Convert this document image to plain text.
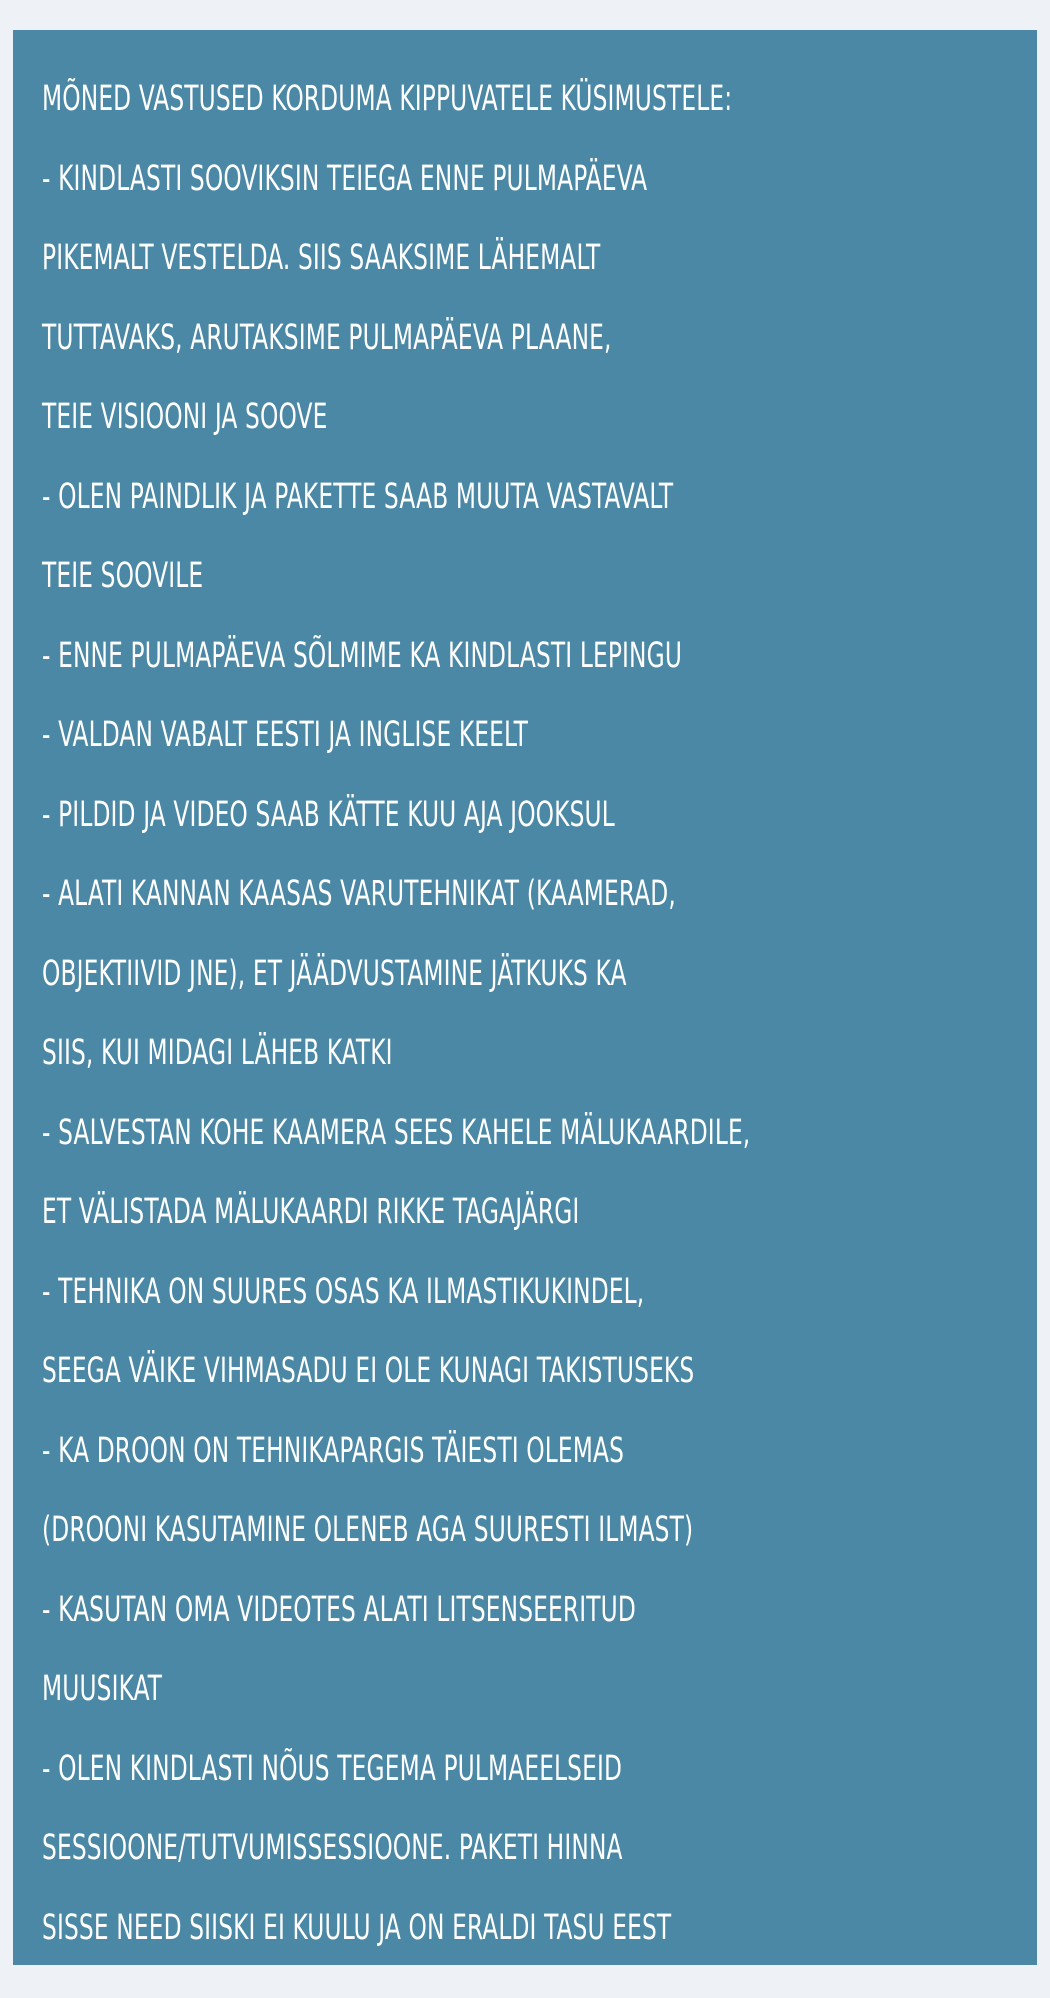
MÕNED VASTUSED KORDUMA KIPPUVATELE KÜSIMUSTELE:
- KINDLASTI SOOVIKSIN TEIEGA ENNE PULMAPÄEVA
PIKEMALT VESTELDA. SIIS SAAKSIME LÄHEMALT
TUTTAVAKS, ARUTAKSIME PULMAPÄEVA PLAANE,
TEIE VISIOONI JA SOOVE
- OLEN PAINDLIK JA PAKETTE SAAB MUUTA VASTAVALT
TEIE SOOVILE
- ENNE PULMAPÄEVA SÕLMIME KA KINDLASTI LEPINGU
- VALDAN VABALT EESTI JA INGLISE KEELT
- PILDID JA VIDEO SAAB KÄTTE KUU AJA JOOKSUL
- ALATI KANNAN KAASAS VARUTEHNIKAT (KAAMERAD,
OBJEKTIIVID JNE), ET JÄÄDVUSTAMINE JÄTKUKS KA
SIIS, KUI MIDAGI LÄHEB KATKI
- SALVESTAN KOHE KAAMERA SEES KAHELE MÄLUKAARDILE,
ET VÄLISTADA MÄLUKAARDI RIKKE TAGAJÄRGI
- TEHNIKA ON SUURES OSAS KA ILMASTIKUKINDEL,
SEEGA VÄIKE VIHMASADU EI OLE KUNAGI TAKISTUSEKS
- KA DROON ON TEHNIKAPARGIS TÄIESTI OLEMAS
(DROONI KASUTAMINE OLENEB AGA SUURESTI ILMAST)
- KASUTAN OMA VIDEOTES ALATI LITSENSEERITUD
MUUSIKAT
- OLEN KINDLASTI NÕUS TEGEMA PULMAEELSEID
SESSIOONE/TUTVUMISSESSIOONE. PAKETI HINNA
SISSE NEED SIISKI EI KUULU JA ON ERALDI TASU EEST
